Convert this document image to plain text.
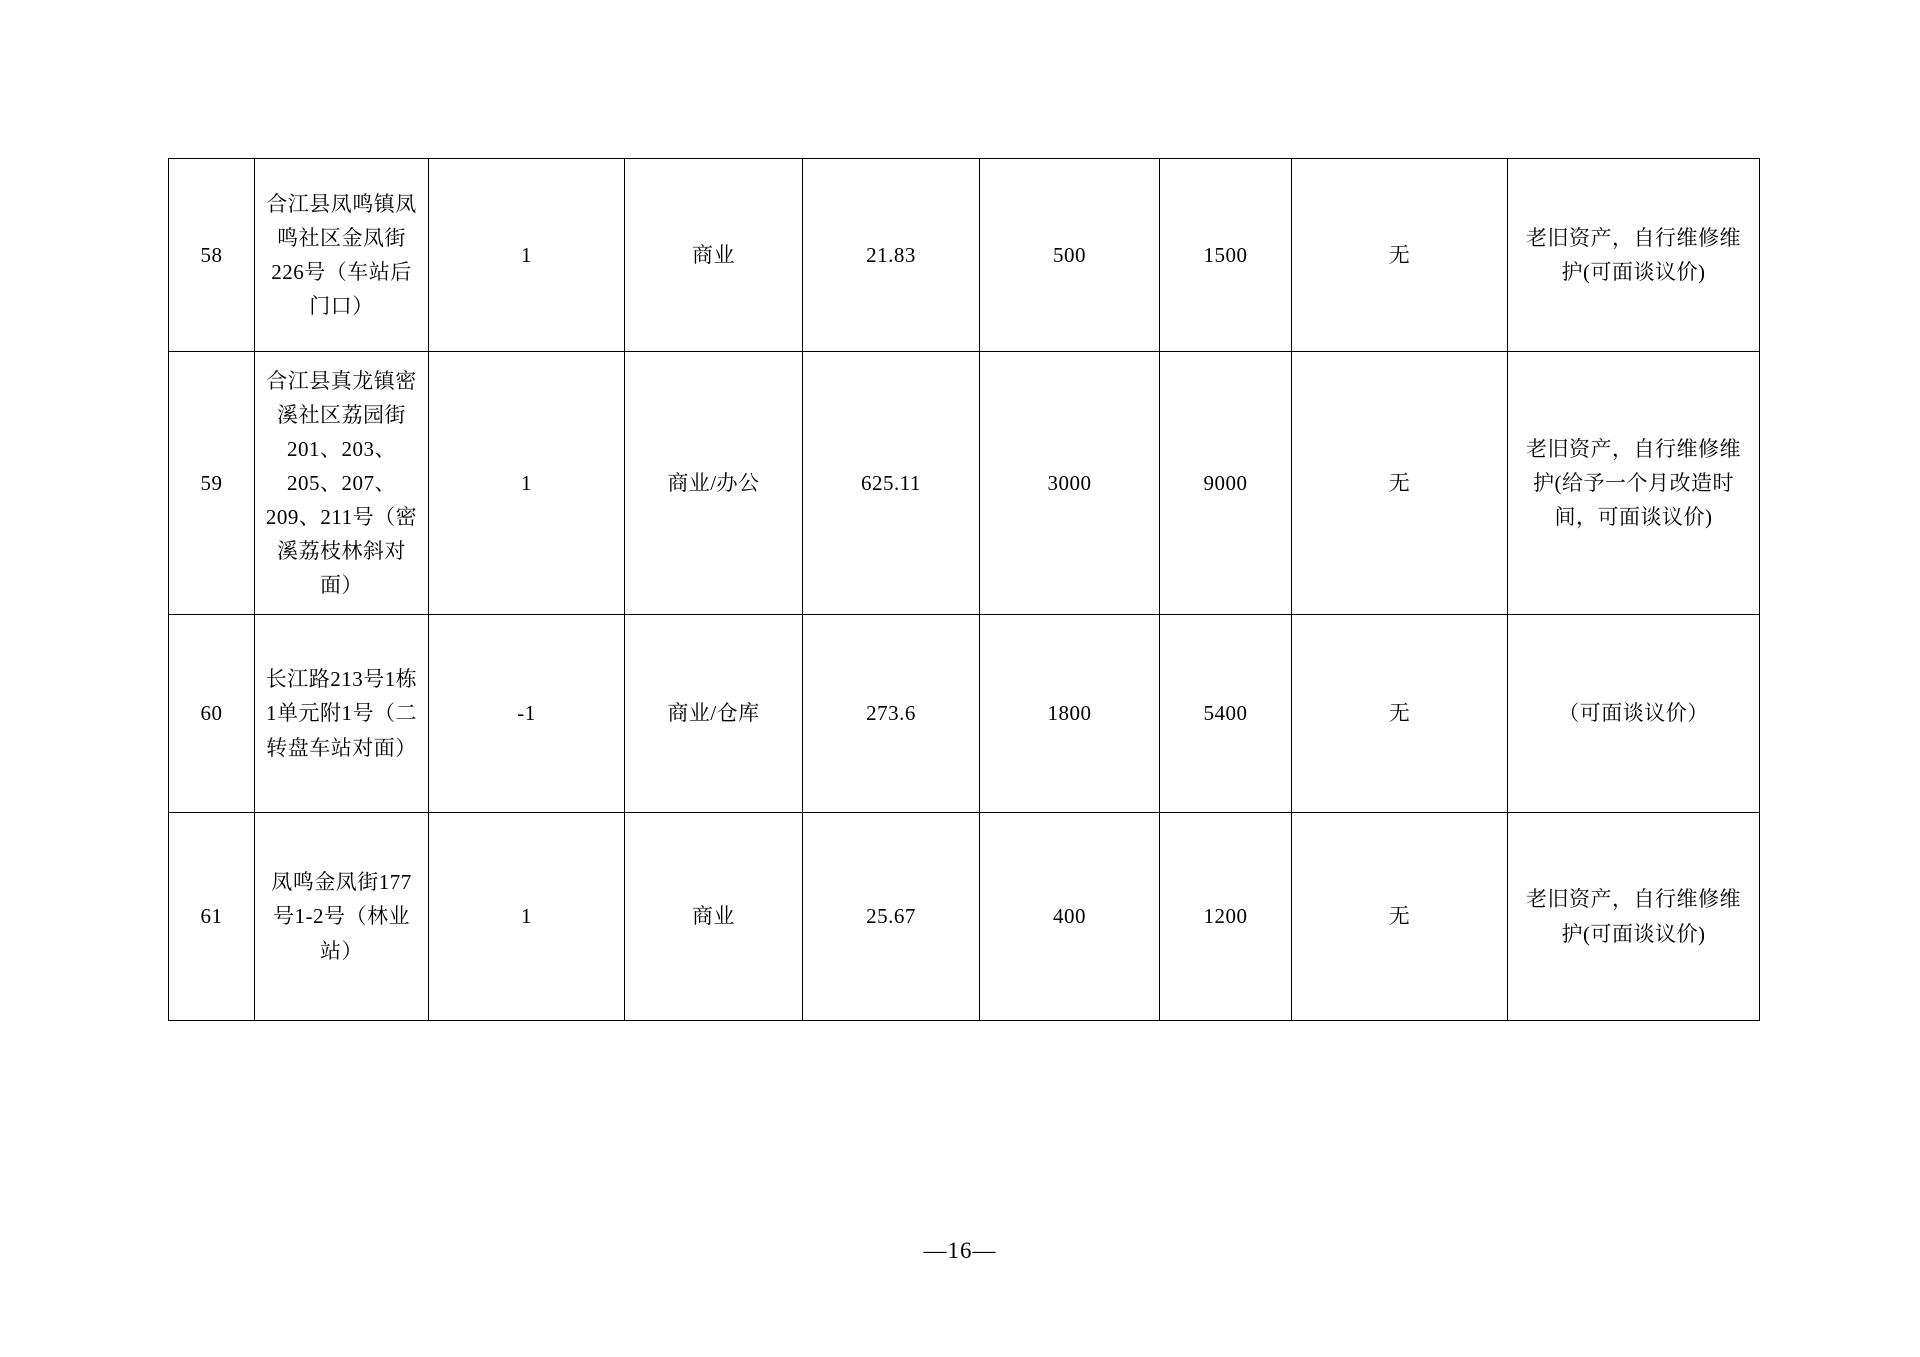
58	合江县凤鸣镇凤鸣社区金凤街226号（车站后门口）	1	商业	21.83	500	1500	无	老旧资产，自行维修维护(可面谈议价)
59	合江县真龙镇密溪社区荔园街201、203、205、207、209、211号（密溪荔枝林斜对面）	1	商业/办公	625.11	3000	9000	无	老旧资产，自行维修维护(给予一个月改造时间，可面谈议价)
60	长江路213号1栋1单元附1号（二转盘车站对面）	-1	商业/仓库	273.6	1800	5400	无	（可面谈议价）
61	凤鸣金凤街177号1-2号（林业站）	1	商业	25.67	400	1200	无	老旧资产，自行维修维护(可面谈议价)
—16—
